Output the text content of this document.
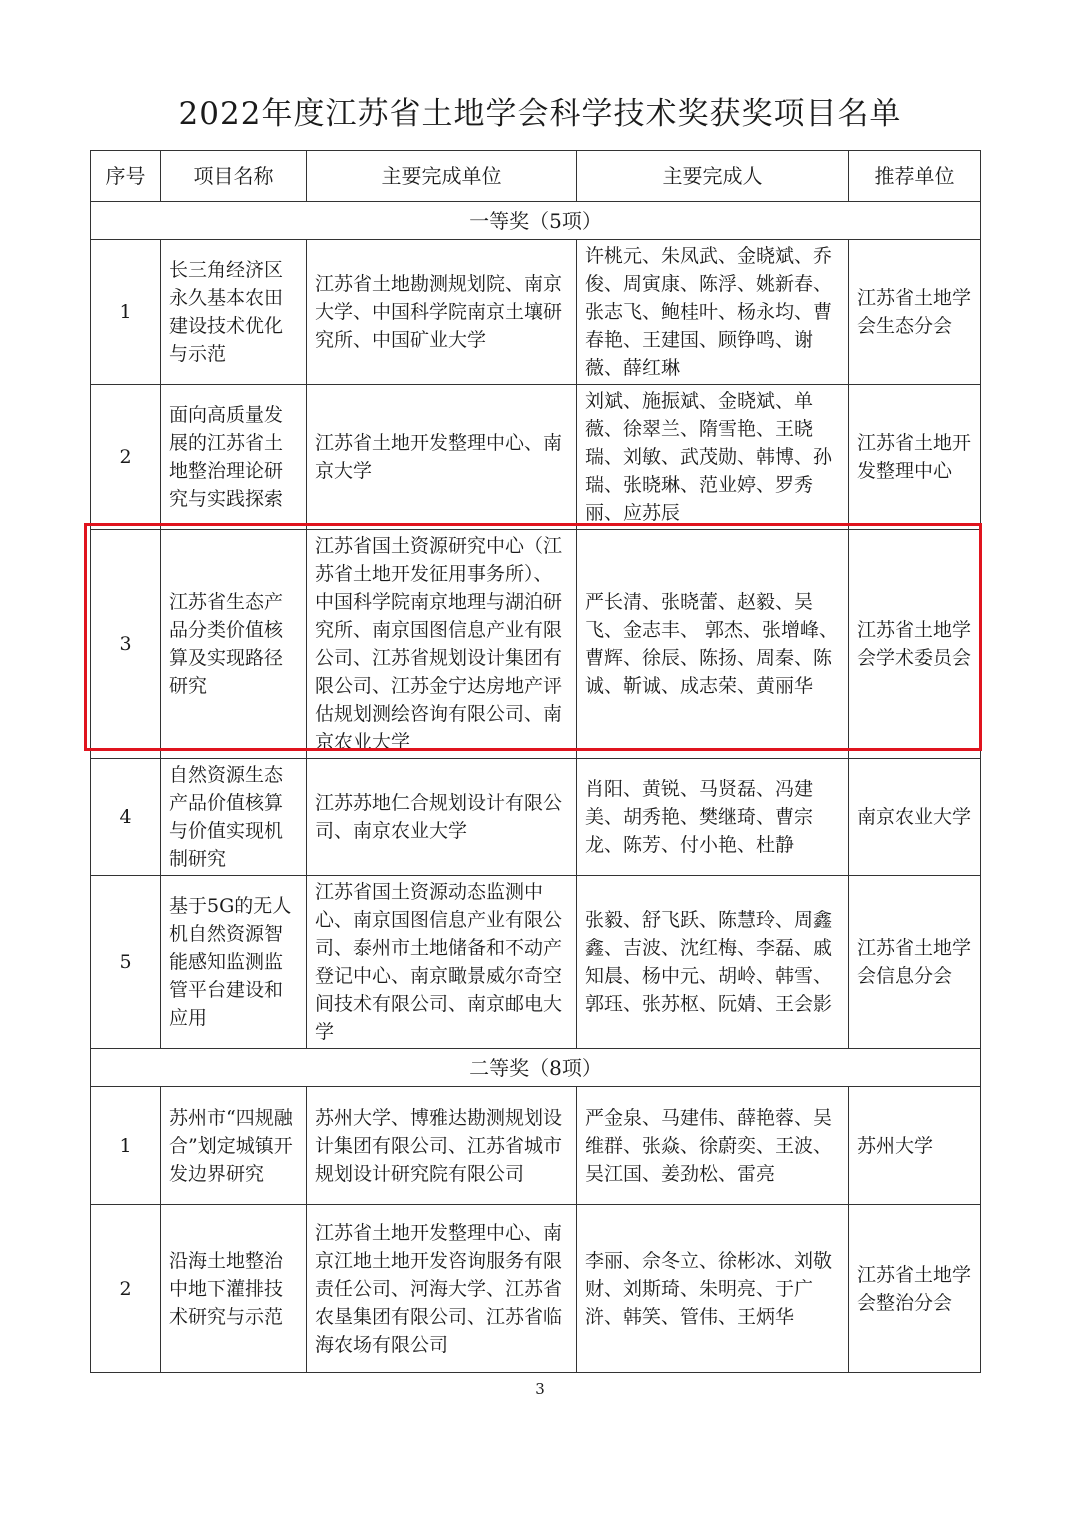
2022年度江苏省土地学会科学技术奖获奖项目名单
序号	项目名称	主要完成单位	主要完成人	推荐单位
一等奖（5项）				
1	长三角经济区永久基本农田建设技术优化与示范	江苏省土地勘测规划院、南京大学、中国科学院南京土壤研究所、中国矿业大学	许桃元、朱凤武、金晓斌、乔俊、周寅康、陈浮、姚新春、张志飞、鲍桂叶、杨永均、曹春艳、王建国、顾铮鸣、谢薇、薛红琳	江苏省土地学会生态分会
2	面向高质量发展的江苏省土地整治理论研究与实践探索	江苏省土地开发整理中心、南京大学	刘斌、施振斌、金晓斌、单薇、徐翠兰、隋雪艳、王晓瑞、刘敏、武茂勋、韩博、孙瑞、张晓琳、范业婷、罗秀丽、应苏辰	江苏省土地开发整理中心
3	江苏省生态产品分类价值核算及实现路径研究	江苏省国土资源研究中心（江苏省土地开发征用事务所）、中国科学院南京地理与湖泊研究所、南京国图信息产业有限公司、江苏省规划设计集团有限公司、江苏金宁达房地产评估规划测绘咨询有限公司、南京农业大学	严长清、张晓蕾、赵毅、吴飞、金志丰、 郭杰、张增峰、曹辉、徐辰、陈扬、周秦、陈诚、靳诚、成志荣、黄丽华	江苏省土地学会学术委员会
4	自然资源生态产品价值核算与价值实现机制研究	江苏苏地仁合规划设计有限公司、南京农业大学	肖阳、黄锐、马贤磊、冯建美、胡秀艳、樊继琦、曹宗龙、陈芳、付小艳、杜静	南京农业大学
5	基于5G的无人机自然资源智能感知监测监管平台建设和应用	江苏省国土资源动态监测中心、南京国图信息产业有限公司、泰州市土地储备和不动产登记中心、南京瞰景威尔奇空间技术有限公司、南京邮电大学	张毅、舒飞跃、陈慧玲、周鑫鑫、吉波、沈红梅、李磊、戚知晨、杨中元、胡岭、韩雪、郭珏、张苏枢、阮婧、王会影	江苏省土地学会信息分会
二等奖（8项）				
1	苏州市“四规融合”划定城镇开发边界研究	苏州大学、博雅达勘测规划设计集团有限公司、江苏省城市规划设计研究院有限公司	严金泉、马建伟、薛艳蓉、吴维群、张焱、徐蔚奕、王波、吴江国、姜劲松、雷亮	苏州大学
2	沿海土地整治中地下灌排技术研究与示范	江苏省土地开发整理中心、南京江地土地开发咨询服务有限责任公司、河海大学、江苏省农垦集团有限公司、江苏省临海农场有限公司	李丽、佘冬立、徐彬冰、刘敬财、刘斯琦、朱明亮、于广浒、韩笑、管伟、王炳华	江苏省土地学会整治分会
3
